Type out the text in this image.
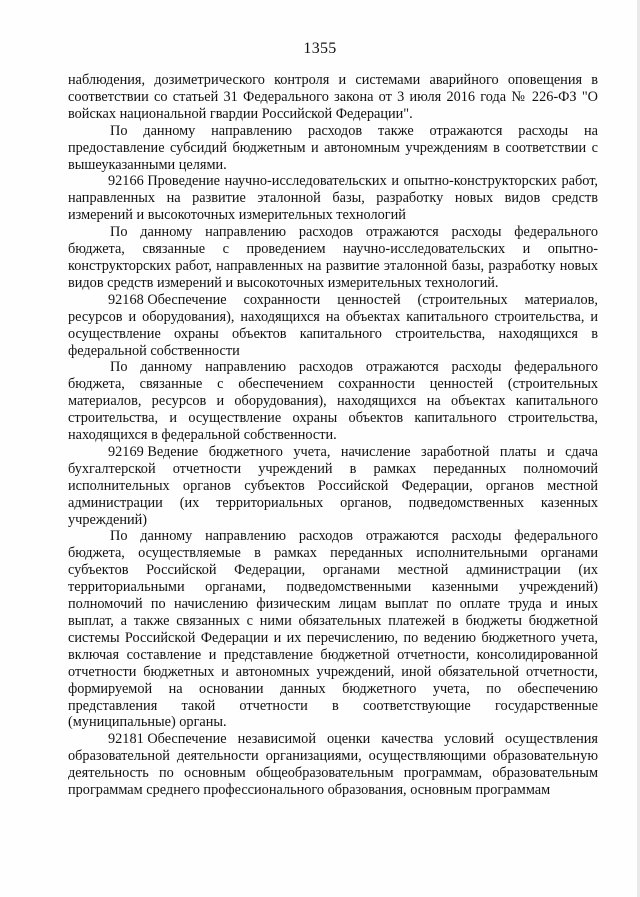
1355

наблюдения, дозиметрического контроля и системами аварийного оповещения в соответствии со статьей 31 Федерального закона от 3 июля 2016 года № 226-ФЗ "О войсках национальной гвардии Российской Федерации".

По данному направлению расходов также отражаются расходы на предоставление субсидий бюджетным и автономным учреждениям в соответствии с вышеуказанными целями.

92166 Проведение научно-исследовательских и опытно-конструкторских работ, направленных на развитие эталонной базы, разработку новых видов средств измерений и высокоточных измерительных технологий

По данному направлению расходов отражаются расходы федерального бюджета, связанные с проведением научно-исследовательских и опытно-конструкторских работ, направленных на развитие эталонной базы, разработку новых видов средств измерений и высокоточных измерительных технологий.

92168 Обеспечение сохранности ценностей (строительных материалов, ресурсов и оборудования), находящихся на объектах капитального строительства, и осуществление охраны объектов капитального строительства, находящихся в федеральной собственности

По данному направлению расходов отражаются расходы федерального бюджета, связанные с обеспечением сохранности ценностей (строительных материалов, ресурсов и оборудования), находящихся на объектах капитального строительства, и осуществление охраны объектов капитального строительства, находящихся в федеральной собственности.

92169 Ведение бюджетного учета, начисление заработной платы и сдача бухгалтерской отчетности учреждений в рамках переданных полномочий исполнительных органов субъектов Российской Федерации, органов местной администрации (их территориальных органов, подведомственных казенных учреждений)

По данному направлению расходов отражаются расходы федерального бюджета, осуществляемые в рамках переданных исполнительными органами субъектов Российской Федерации, органами местной администрации (их территориальными органами, подведомственными казенными учреждений) полномочий по начислению физическим лицам выплат по оплате труда и иных выплат, а также связанных с ними обязательных платежей в бюджеты бюджетной системы Российской Федерации и их перечислению, по ведению бюджетного учета, включая составление и представление бюджетной отчетности, консолидированной отчетности бюджетных и автономных учреждений, иной обязательной отчетности, формируемой на основании данных бюджетного учета, по обеспечению представления такой отчетности в соответствующие государственные (муниципальные) органы.

92181 Обеспечение независимой оценки качества условий осуществления образовательной деятельности организациями, осуществляющими образовательную деятельность по основным общеобразовательным программам, образовательным программам среднего профессионального образования, основным программам
